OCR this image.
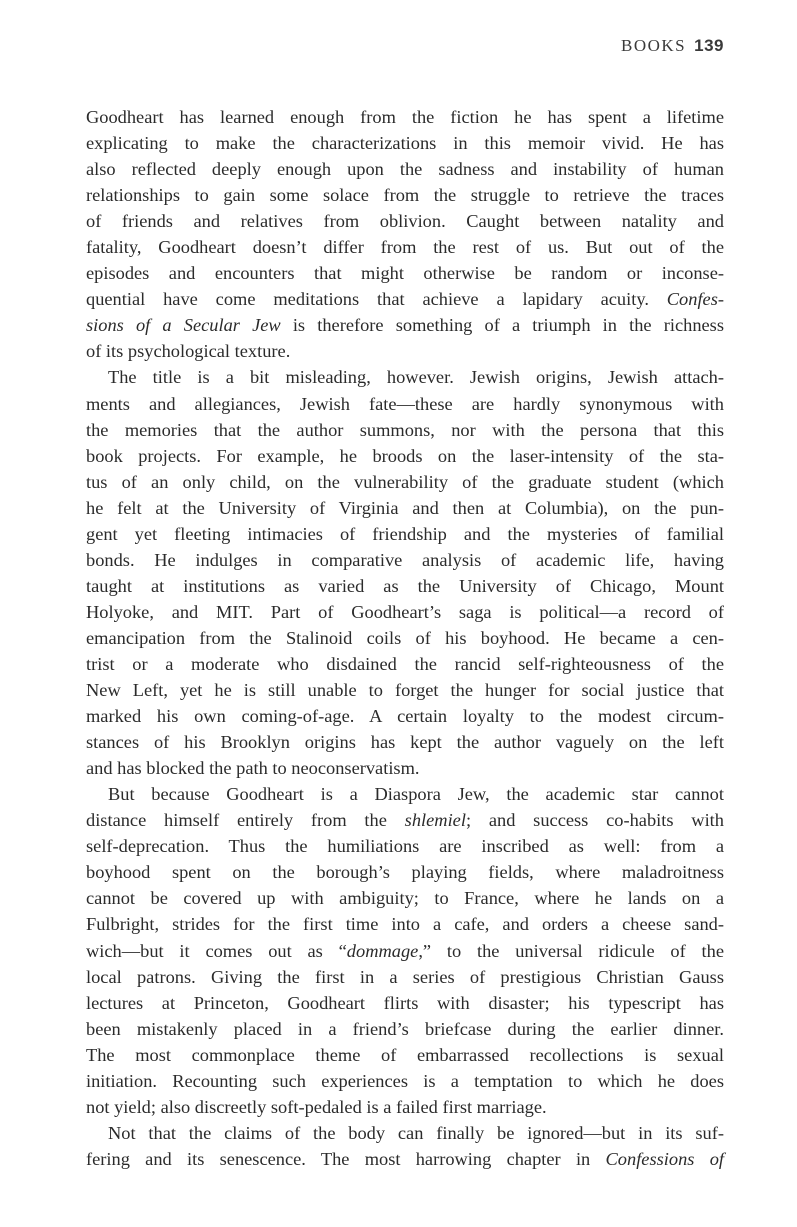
BOOKS 139
Goodheart has learned enough from the fiction he has spent a lifetime
explicating to make the characterizations in this memoir vivid. He has
also reflected deeply enough upon the sadness and instability of human
relationships to gain some solace from the struggle to retrieve the traces
of friends and relatives from oblivion. Caught between natality and
fatality, Goodheart doesn’t differ from the rest of us. But out of the
episodes and encounters that might otherwise be random or inconse-
quential have come meditations that achieve a lapidary acuity. Confes-
sions of a Secular Jew is therefore something of a triumph in the richness
of its psychological texture.
The title is a bit misleading, however. Jewish origins, Jewish attach-
ments and allegiances, Jewish fate—these are hardly synonymous with
the memories that the author summons, nor with the persona that this
book projects. For example, he broods on the laser-intensity of the sta-
tus of an only child, on the vulnerability of the graduate student (which
he felt at the University of Virginia and then at Columbia), on the pun-
gent yet fleeting intimacies of friendship and the mysteries of familial
bonds. He indulges in comparative analysis of academic life, having
taught at institutions as varied as the University of Chicago, Mount
Holyoke, and MIT. Part of Goodheart’s saga is political—a record of
emancipation from the Stalinoid coils of his boyhood. He became a cen-
trist or a moderate who disdained the rancid self-righteousness of the
New Left, yet he is still unable to forget the hunger for social justice that
marked his own coming-of-age. A certain loyalty to the modest circum-
stances of his Brooklyn origins has kept the author vaguely on the left
and has blocked the path to neoconservatism.
But because Goodheart is a Diaspora Jew, the academic star cannot
distance himself entirely from the shlemiel; and success co-habits with
self-deprecation. Thus the humiliations are inscribed as well: from a
boyhood spent on the borough’s playing fields, where maladroitness
cannot be covered up with ambiguity; to France, where he lands on a
Fulbright, strides for the first time into a cafe, and orders a cheese sand-
wich—but it comes out as “dommage,” to the universal ridicule of the
local patrons. Giving the first in a series of prestigious Christian Gauss
lectures at Princeton, Goodheart flirts with disaster; his typescript has
been mistakenly placed in a friend’s briefcase during the earlier dinner.
The most commonplace theme of embarrassed recollections is sexual
initiation. Recounting such experiences is a temptation to which he does
not yield; also discreetly soft-pedaled is a failed first marriage.
Not that the claims of the body can finally be ignored—but in its suf-
fering and its senescence. The most harrowing chapter in Confessions of
